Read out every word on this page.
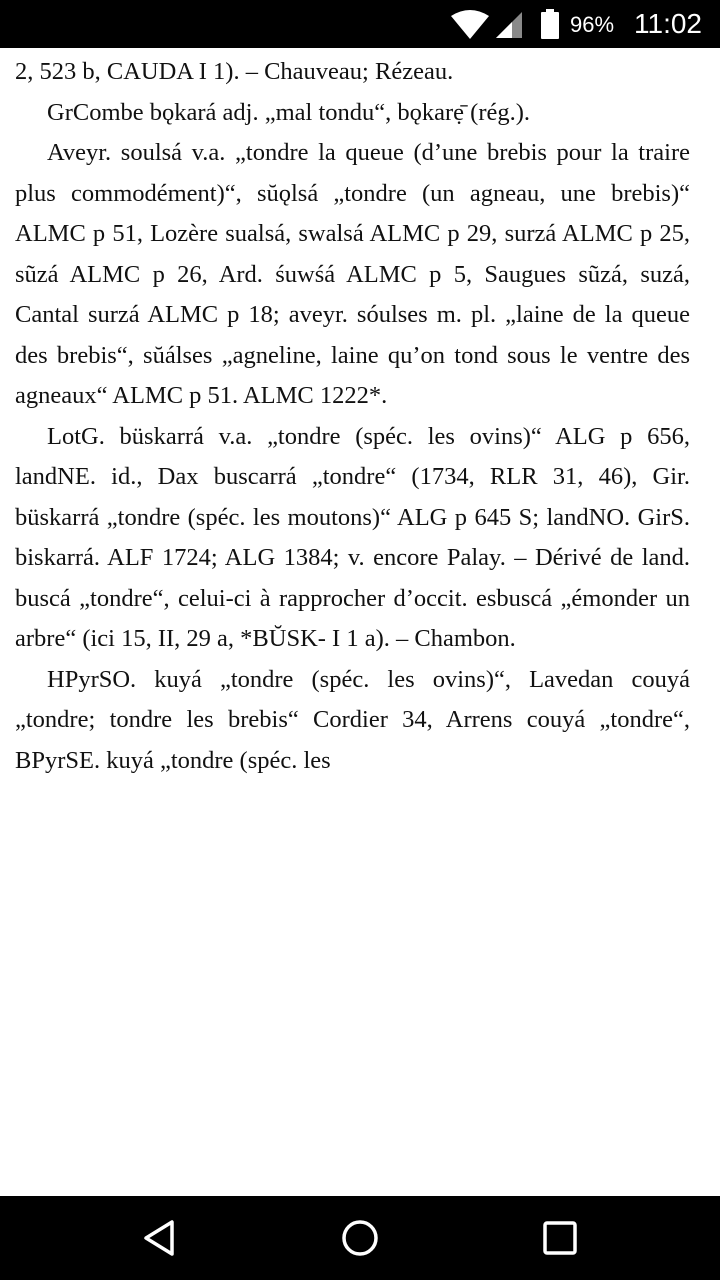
96% 11:02

2, 523 b, CAUDA I 1). – Chauveau; Rézeau.

GrCombe bǫkará adj. „mal tondu“, bǫkarẹ̄ (rég.).

Aveyr. soulsá v.a. „tondre la queue (d’une brebis pour la traire plus commodément)“, sŭǫlsá „tondre (un agneau, une brebis)“ ALMC p 51, Lozère sualsá, swalsá ALMC p 29, surzá ALMC p 25, sũzá ALMC p 26, Ard. śuwśá ALMC p 5, Saugues sũzá, suzá, Cantal surzá ALMC p 18; aveyr. sóulses m. pl. „laine de la queue des brebis“, sŭálses „agneline, laine qu’on tond sous le ventre des agneaux“ ALMC p 51. ALMC 1222*.

LotG. büskarrá v.a. „tondre (spéc. les ovins)“ ALG p 656, landNE. id., Dax buscarrá „tondre“ (1734, RLR 31, 46), Gir. büskarrá „tondre (spéc. les moutons)“ ALG p 645 S; landNO. GirS. biskarrá. ALF 1724; ALG 1384; v. encore Palay. – Dérivé de land. buscá „tondre“, celui-ci à rapprocher d’occit. esbuscá „émonder un arbre“ (ici 15, II, 29 a, *BŬSK- I 1 a). – Chambon.

HPyrSO. kuyá „tondre (spéc. les ovins)“, Lavedan couyá „tondre; tondre les brebis“ Cordier 34, Arrens couyá „tondre“, BPyrSE. kuyá „tondre (spéc. les
